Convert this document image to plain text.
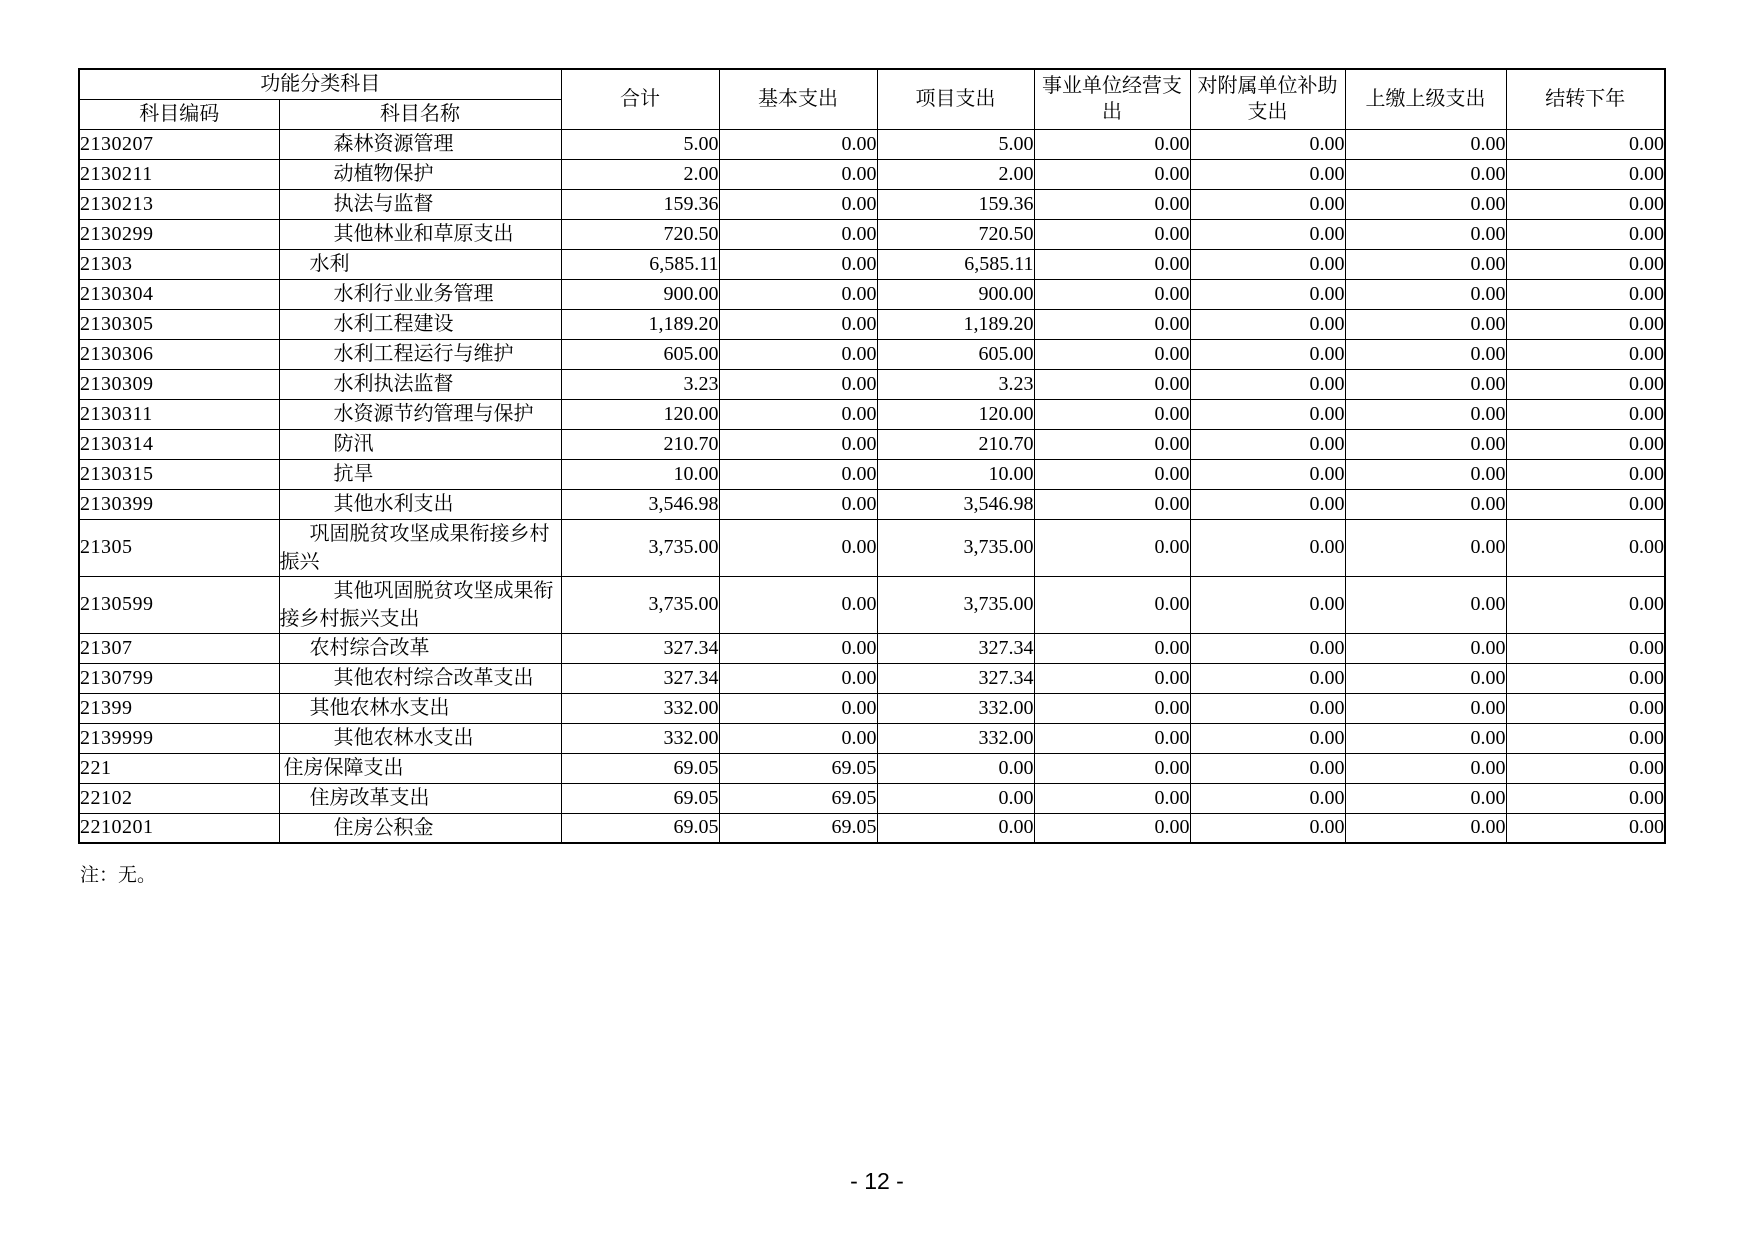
功能分类科目		合计	基本支出	项目支出	事业单位经营支出	对附属单位补助支出	上缴上级支出	结转下年
科目编码	科目名称							
2130207	森林资源管理	5.00	0.00	5.00	0.00	0.00	0.00	0.00
2130211	动植物保护	2.00	0.00	2.00	0.00	0.00	0.00	0.00
2130213	执法与监督	159.36	0.00	159.36	0.00	0.00	0.00	0.00
2130299	其他林业和草原支出	720.50	0.00	720.50	0.00	0.00	0.00	0.00
21303	水利	6,585.11	0.00	6,585.11	0.00	0.00	0.00	0.00
2130304	水利行业业务管理	900.00	0.00	900.00	0.00	0.00	0.00	0.00
2130305	水利工程建设	1,189.20	0.00	1,189.20	0.00	0.00	0.00	0.00
2130306	水利工程运行与维护	605.00	0.00	605.00	0.00	0.00	0.00	0.00
2130309	水利执法监督	3.23	0.00	3.23	0.00	0.00	0.00	0.00
2130311	水资源节约管理与保护	120.00	0.00	120.00	0.00	0.00	0.00	0.00
2130314	防汛	210.70	0.00	210.70	0.00	0.00	0.00	0.00
2130315	抗旱	10.00	0.00	10.00	0.00	0.00	0.00	0.00
2130399	其他水利支出	3,546.98	0.00	3,546.98	0.00	0.00	0.00	0.00
21305	巩固脱贫攻坚成果衔接乡村振兴	3,735.00	0.00	3,735.00	0.00	0.00	0.00	0.00
2130599	其他巩固脱贫攻坚成果衔接乡村振兴支出	3,735.00	0.00	3,735.00	0.00	0.00	0.00	0.00
21307	农村综合改革	327.34	0.00	327.34	0.00	0.00	0.00	0.00
2130799	其他农村综合改革支出	327.34	0.00	327.34	0.00	0.00	0.00	0.00
21399	其他农林水支出	332.00	0.00	332.00	0.00	0.00	0.00	0.00
2139999	其他农林水支出	332.00	0.00	332.00	0.00	0.00	0.00	0.00
221	住房保障支出	69.05	69.05	0.00	0.00	0.00	0.00	0.00
22102	住房改革支出	69.05	69.05	0.00	0.00	0.00	0.00	0.00
2210201	住房公积金	69.05	69.05	0.00	0.00	0.00	0.00	0.00
注：无。
- 12 -
